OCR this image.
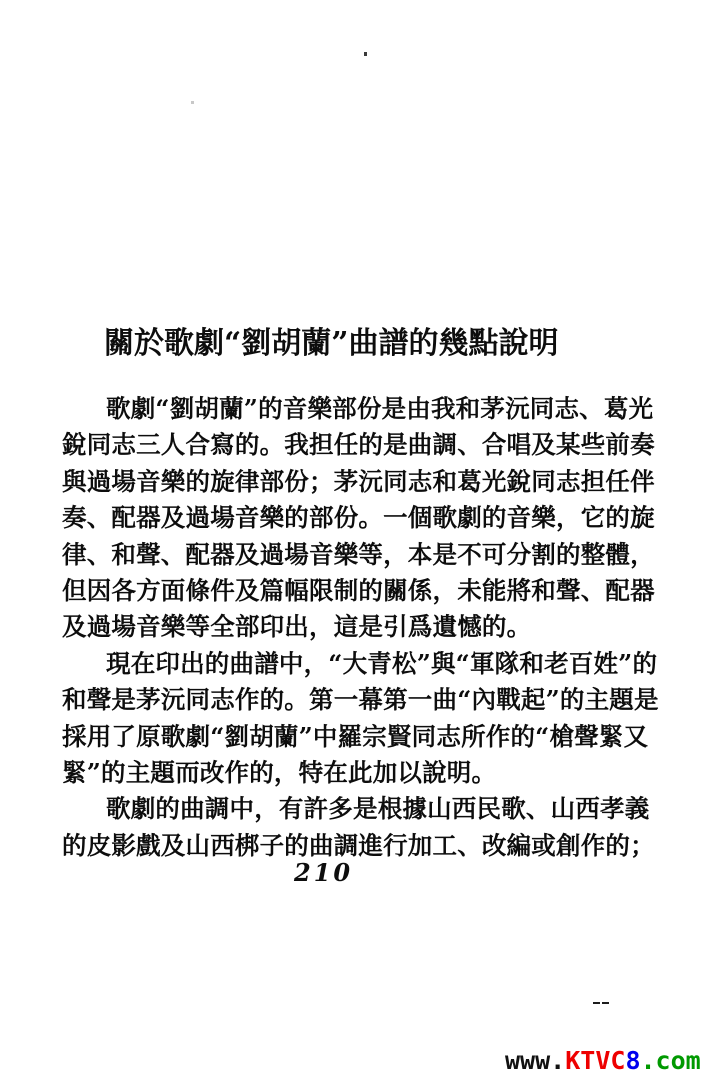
關於歌劇“劉胡蘭”曲譜的幾點說明
歌劇“劉胡蘭”的音樂部份是由我和茅沅同志、葛光
銳同志三人合寫的。我担任的是曲調、合唱及某些前奏
與過場音樂的旋律部份；茅沅同志和葛光銳同志担任伴
奏、配器及過場音樂的部份。一個歌劇的音樂，它的旋
律、和聲、配器及過場音樂等，本是不可分割的整體，
但因各方面條件及篇幅限制的關係，未能將和聲、配器
及過場音樂等全部印出，這是引爲遺憾的。
現在印出的曲譜中，“大青松”與“軍隊和老百姓”的
和聲是茅沅同志作的。第一幕第一曲“內戰起”的主題是
採用了原歌劇“劉胡蘭”中羅宗賢同志所作的“槍聲緊又
緊”的主題而改作的，特在此加以說明。
歌劇的曲調中，有許多是根據山西民歌、山西孝義
的皮影戲及山西梆子的曲調進行加工、改編或創作的；
210
www.KTVC8.com
